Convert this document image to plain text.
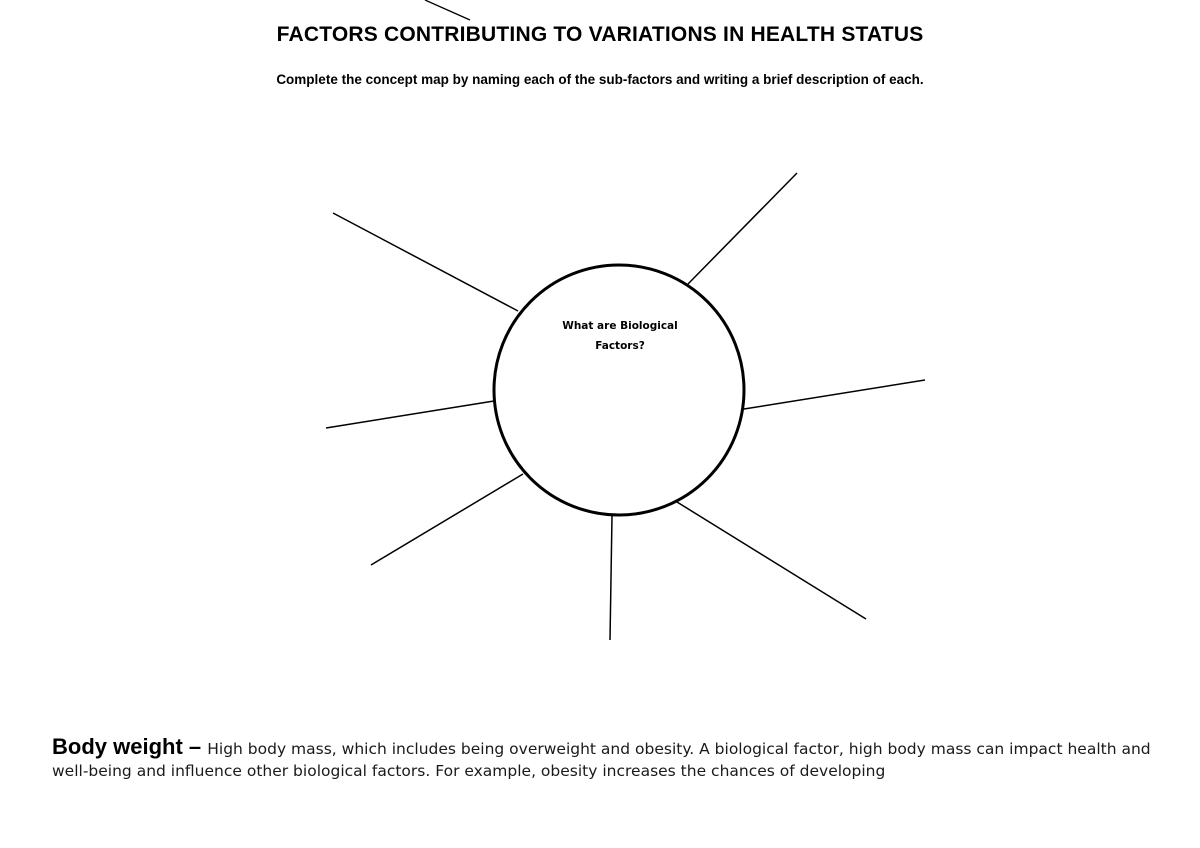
FACTORS CONTRIBUTING TO VARIATIONS IN HEALTH STATUS

Complete the concept map by naming each of the sub-factors and writing a brief description of each.

What are Biological
Factors?

Body weight – High body mass, which includes being overweight and obesity. A biological factor, high body mass can impact health and well-being and influence other biological factors. For example, obesity increases the chances of developing
